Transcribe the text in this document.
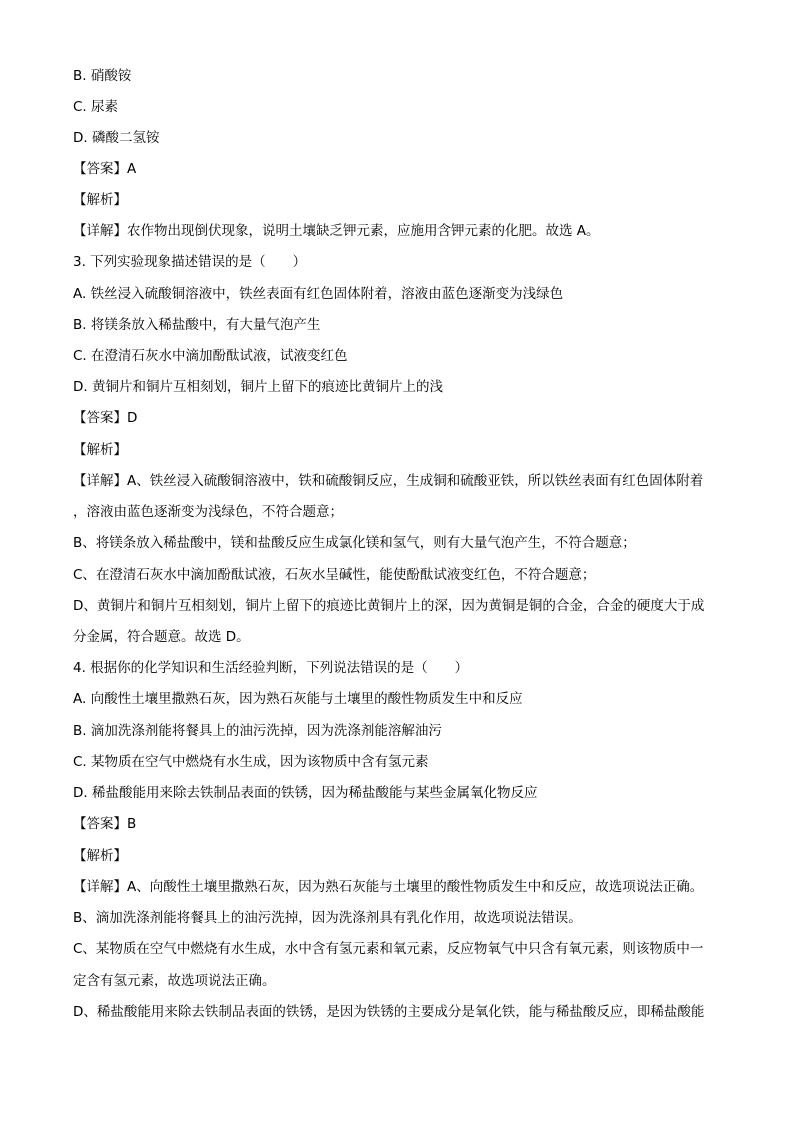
B. 硝酸铵
C. 尿素
D. 磷酸二氢铵
【答案】A
【解析】
【详解】农作物出现倒伏现象，说明土壤缺乏钾元素，应施用含钾元素的化肥。故选 A。
3. 下列实验现象描述错误的是（　　）
A. 铁丝浸入硫酸铜溶液中，铁丝表面有红色固体附着，溶液由蓝色逐渐变为浅绿色
B. 将镁条放入稀盐酸中，有大量气泡产生
C. 在澄清石灰水中滴加酚酞试液，试液变红色
D. 黄铜片和铜片互相刻划，铜片上留下的痕迹比黄铜片上的浅
【答案】D
【解析】
【详解】A、铁丝浸入硫酸铜溶液中，铁和硫酸铜反应，生成铜和硫酸亚铁，所以铁丝表面有红色固体附着
，溶液由蓝色逐渐变为浅绿色，不符合题意；
B、将镁条放入稀盐酸中，镁和盐酸反应生成氯化镁和氢气，则有大量气泡产生，不符合题意；
C、在澄清石灰水中滴加酚酞试液，石灰水呈碱性，能使酚酞试液变红色，不符合题意；
D、黄铜片和铜片互相刻划，铜片上留下的痕迹比黄铜片上的深，因为黄铜是铜的合金，合金的硬度大于成
分金属，符合题意。故选 D。
4. 根据你的化学知识和生活经验判断，下列说法错误的是（　　）
A. 向酸性土壤里撒熟石灰，因为熟石灰能与土壤里的酸性物质发生中和反应
B. 滴加洗涤剂能将餐具上的油污洗掉，因为洗涤剂能溶解油污
C. 某物质在空气中燃烧有水生成，因为该物质中含有氢元素
D. 稀盐酸能用来除去铁制品表面的铁锈，因为稀盐酸能与某些金属氧化物反应
【答案】B
【解析】
【详解】A、向酸性土壤里撒熟石灰，因为熟石灰能与土壤里的酸性物质发生中和反应，故选项说法正确。
B、滴加洗涤剂能将餐具上的油污洗掉，因为洗涤剂具有乳化作用，故选项说法错误。
C、某物质在空气中燃烧有水生成，水中含有氢元素和氧元素，反应物氧气中只含有氧元素，则该物质中一
定含有氢元素，故选项说法正确。
D、稀盐酸能用来除去铁制品表面的铁锈，是因为铁锈的主要成分是氧化铁，能与稀盐酸反应，即稀盐酸能
